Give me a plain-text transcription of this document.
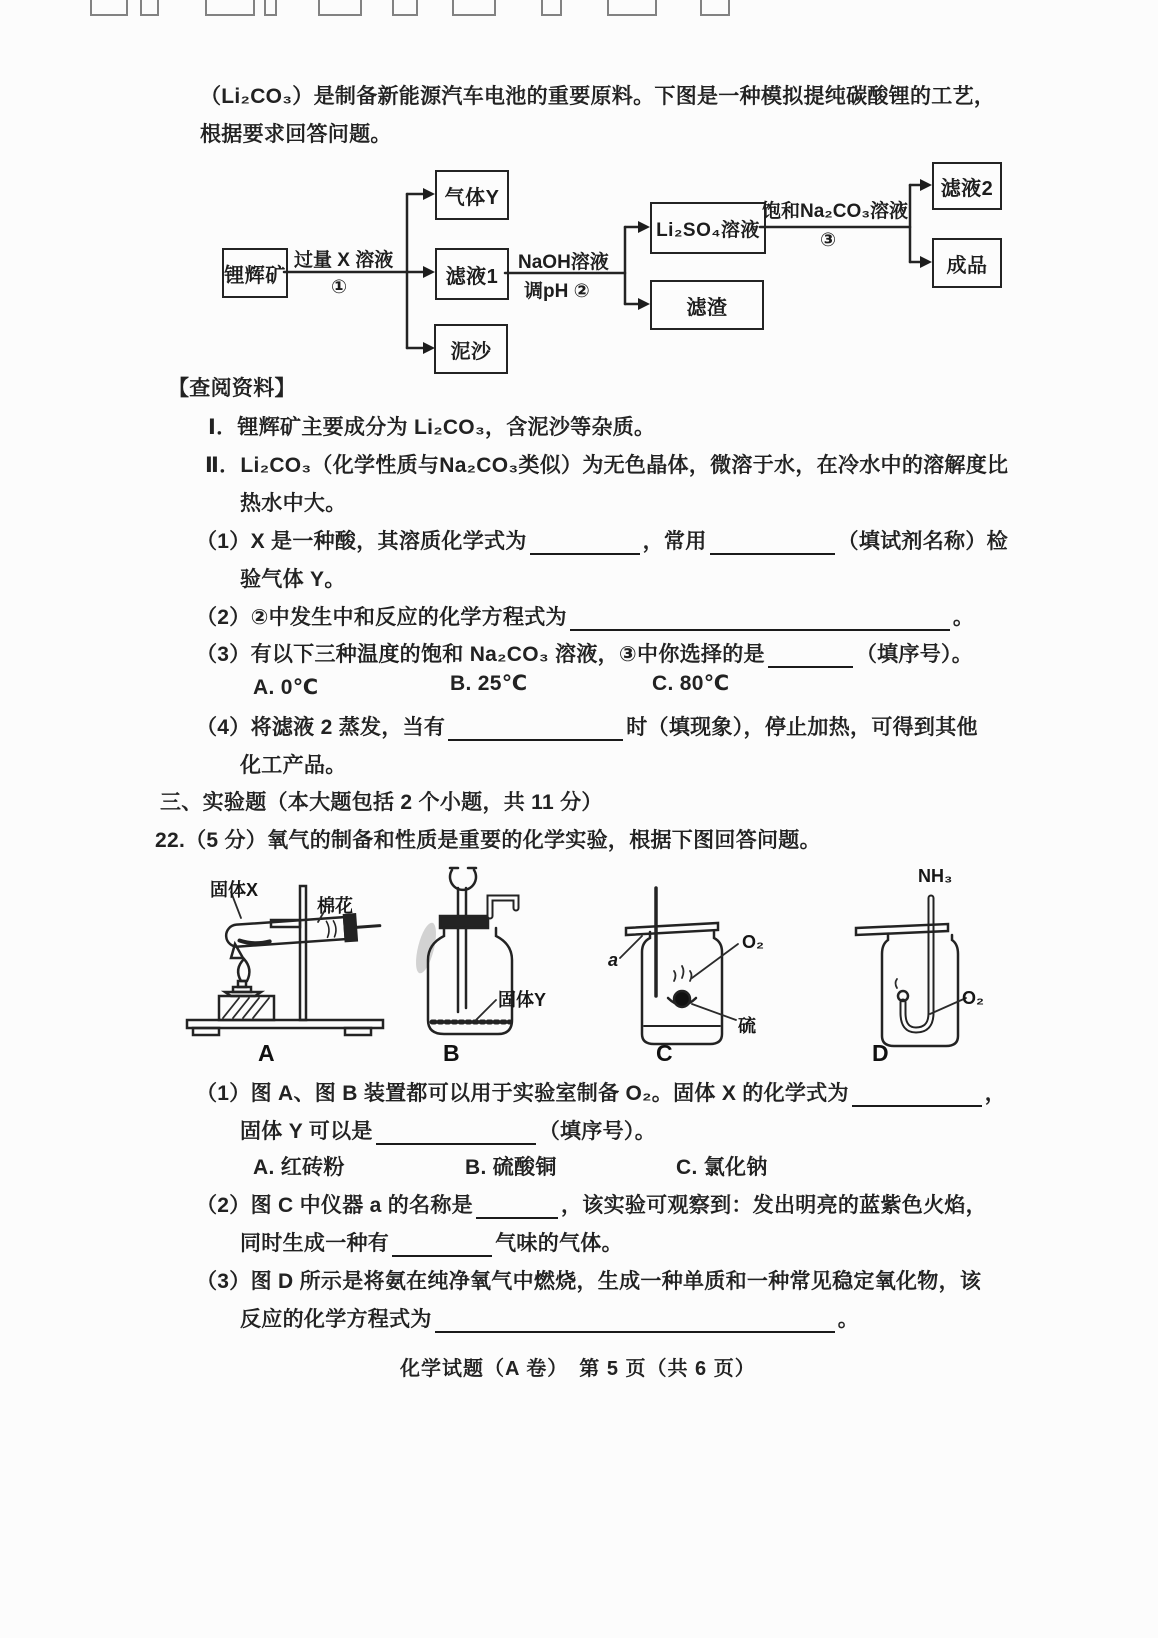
（Li₂CO₃）是制备新能源汽车电池的重要原料。下图是一种模拟提纯碳酸锂的工艺，
根据要求回答问题。
锂辉矿
气体Y
滤液1
泥沙
Li₂SO₄溶液
滤渣
滤液2
成品
过量 X 溶液
①
NaOH溶液
调pH ②
饱和Na₂CO₃溶液
③
【查阅资料】
Ⅰ．锂辉矿主要成分为 Li₂CO₃，含泥沙等杂质。
Ⅱ．Li₂CO₃（化学性质与Na₂CO₃类似）为无色晶体，微溶于水，在冷水中的溶解度比
热水中大。
（1）X 是一种酸，其溶质化学式为	，常用	（填试剂名称）检
验气体 Y。
（2）②中发生中和反应的化学方程式为	。
（3）有以下三种温度的饱和 Na₂CO₃ 溶液，③中你选择的是	（填序号）。
A. 0℃	B. 25℃	C. 80℃
（4）将滤液 2 蒸发，当有	时（填现象），停止加热，可得到其他
化工产品。
三、实验题（本大题包括 2 个小题，共 11 分）
22.（5 分）氧气的制备和性质是重要的化学实验，根据下图回答问题。
固体X
棉花
固体Y
a
O₂
硫
NH₃
O₂
A	B	C	D
（1）图 A、图 B 装置都可以用于实验室制备 O₂。固体 X 的化学式为	，
固体 Y 可以是	（填序号）。
A. 红砖粉	B. 硫酸铜	C. 氯化钠
（2）图 C 中仪器 a 的名称是	，该实验可观察到：发出明亮的蓝紫色火焰，
同时生成一种有	气味的气体。
（3）图 D 所示是将氨在纯净氧气中燃烧，生成一种单质和一种常见稳定氧化物，该
反应的化学方程式为	。
化学试题（A 卷）　第 5 页（共 6 页）
